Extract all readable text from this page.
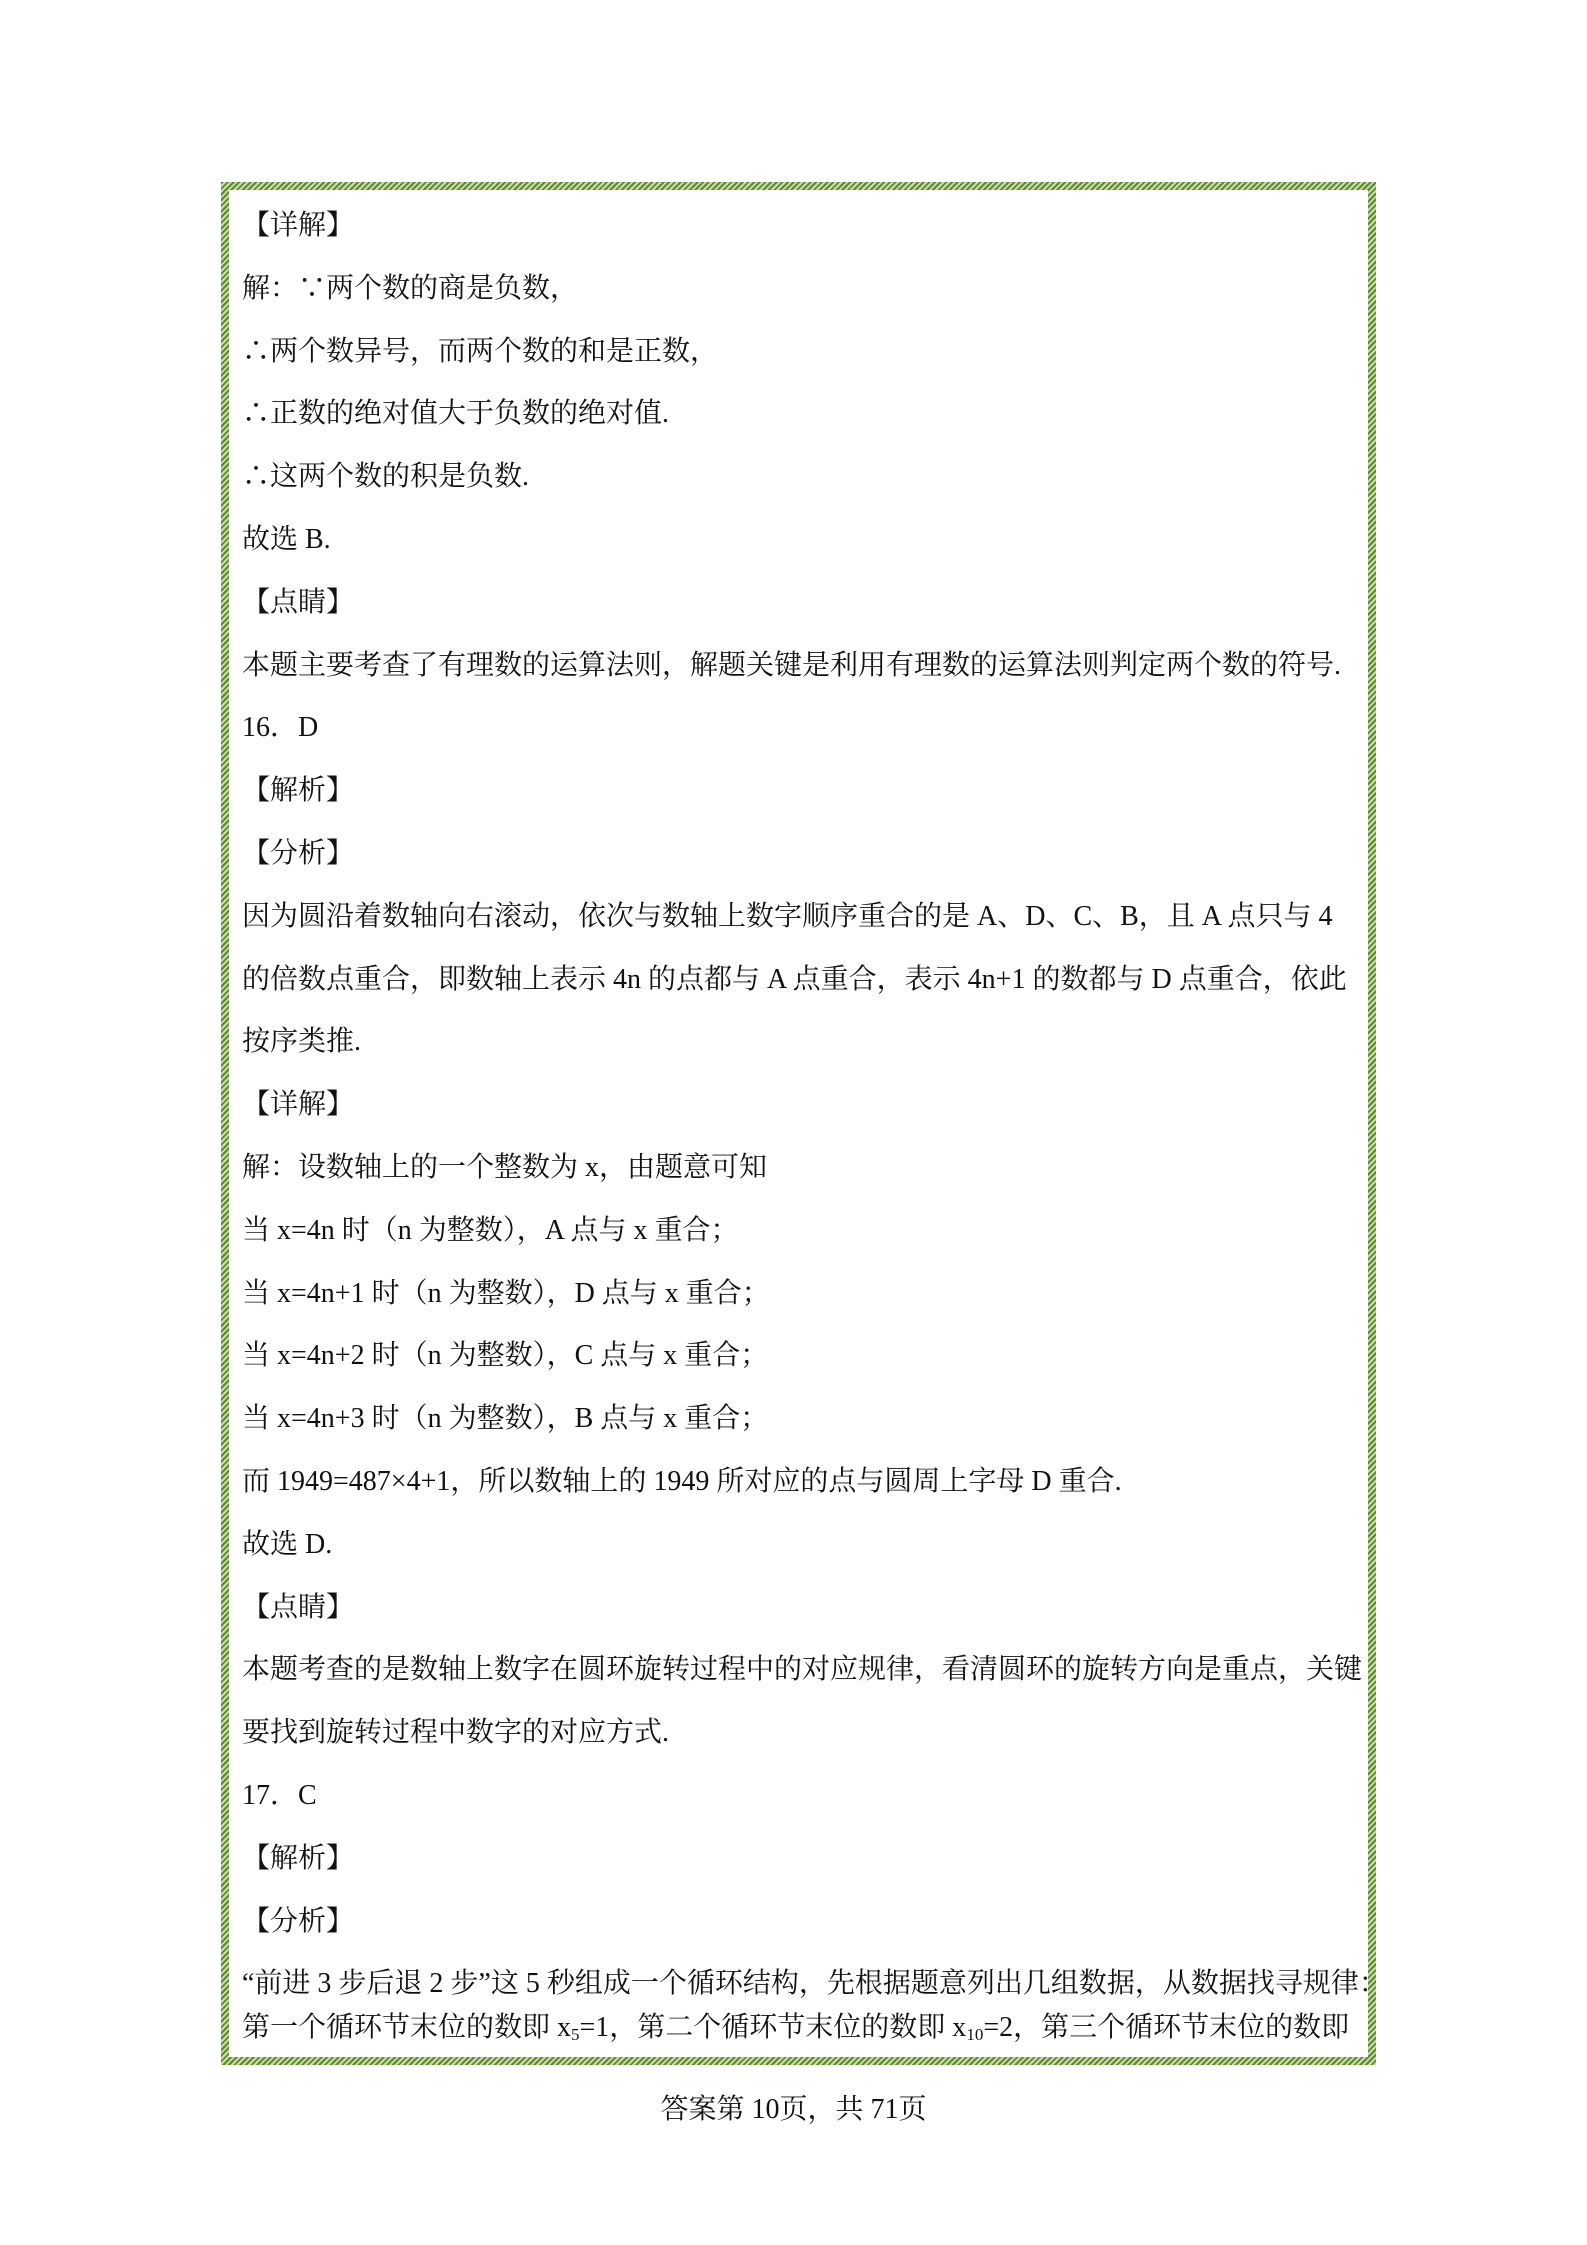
【详解】
解：∵两个数的商是负数，
∴两个数异号，而两个数的和是正数，
∴正数的绝对值大于负数的绝对值.
∴这两个数的积是负数.
故选 B.
【点睛】
本题主要考查了有理数的运算法则，解题关键是利用有理数的运算法则判定两个数的符号.
16．D
【解析】
【分析】
因为圆沿着数轴向右滚动，依次与数轴上数字顺序重合的是 A、D、C、B，且 A 点只与 4
的倍数点重合，即数轴上表示 4n 的点都与 A 点重合，表示 4n+1 的数都与 D 点重合，依此
按序类推.
【详解】
解：设数轴上的一个整数为 x，由题意可知
当 x=4n 时（n 为整数），A 点与 x 重合；
当 x=4n+1 时（n 为整数），D 点与 x 重合；
当 x=4n+2 时（n 为整数），C 点与 x 重合；
当 x=4n+3 时（n 为整数），B 点与 x 重合；
而 1949=487×4+1，所以数轴上的 1949 所对应的点与圆周上字母 D 重合.
故选 D.
【点睛】
本题考查的是数轴上数字在圆环旋转过程中的对应规律，看清圆环的旋转方向是重点，关键
要找到旋转过程中数字的对应方式.
17．C
【解析】
【分析】
“前进 3 步后退 2 步”这 5 秒组成一个循环结构，先根据题意列出几组数据，从数据找寻规律：
第一个循环节末位的数即 $x_5=1$，第二个循环节末位的数即 $x_{10}=2$，第三个循环节末位的数即
答案第 10页，共 71页
